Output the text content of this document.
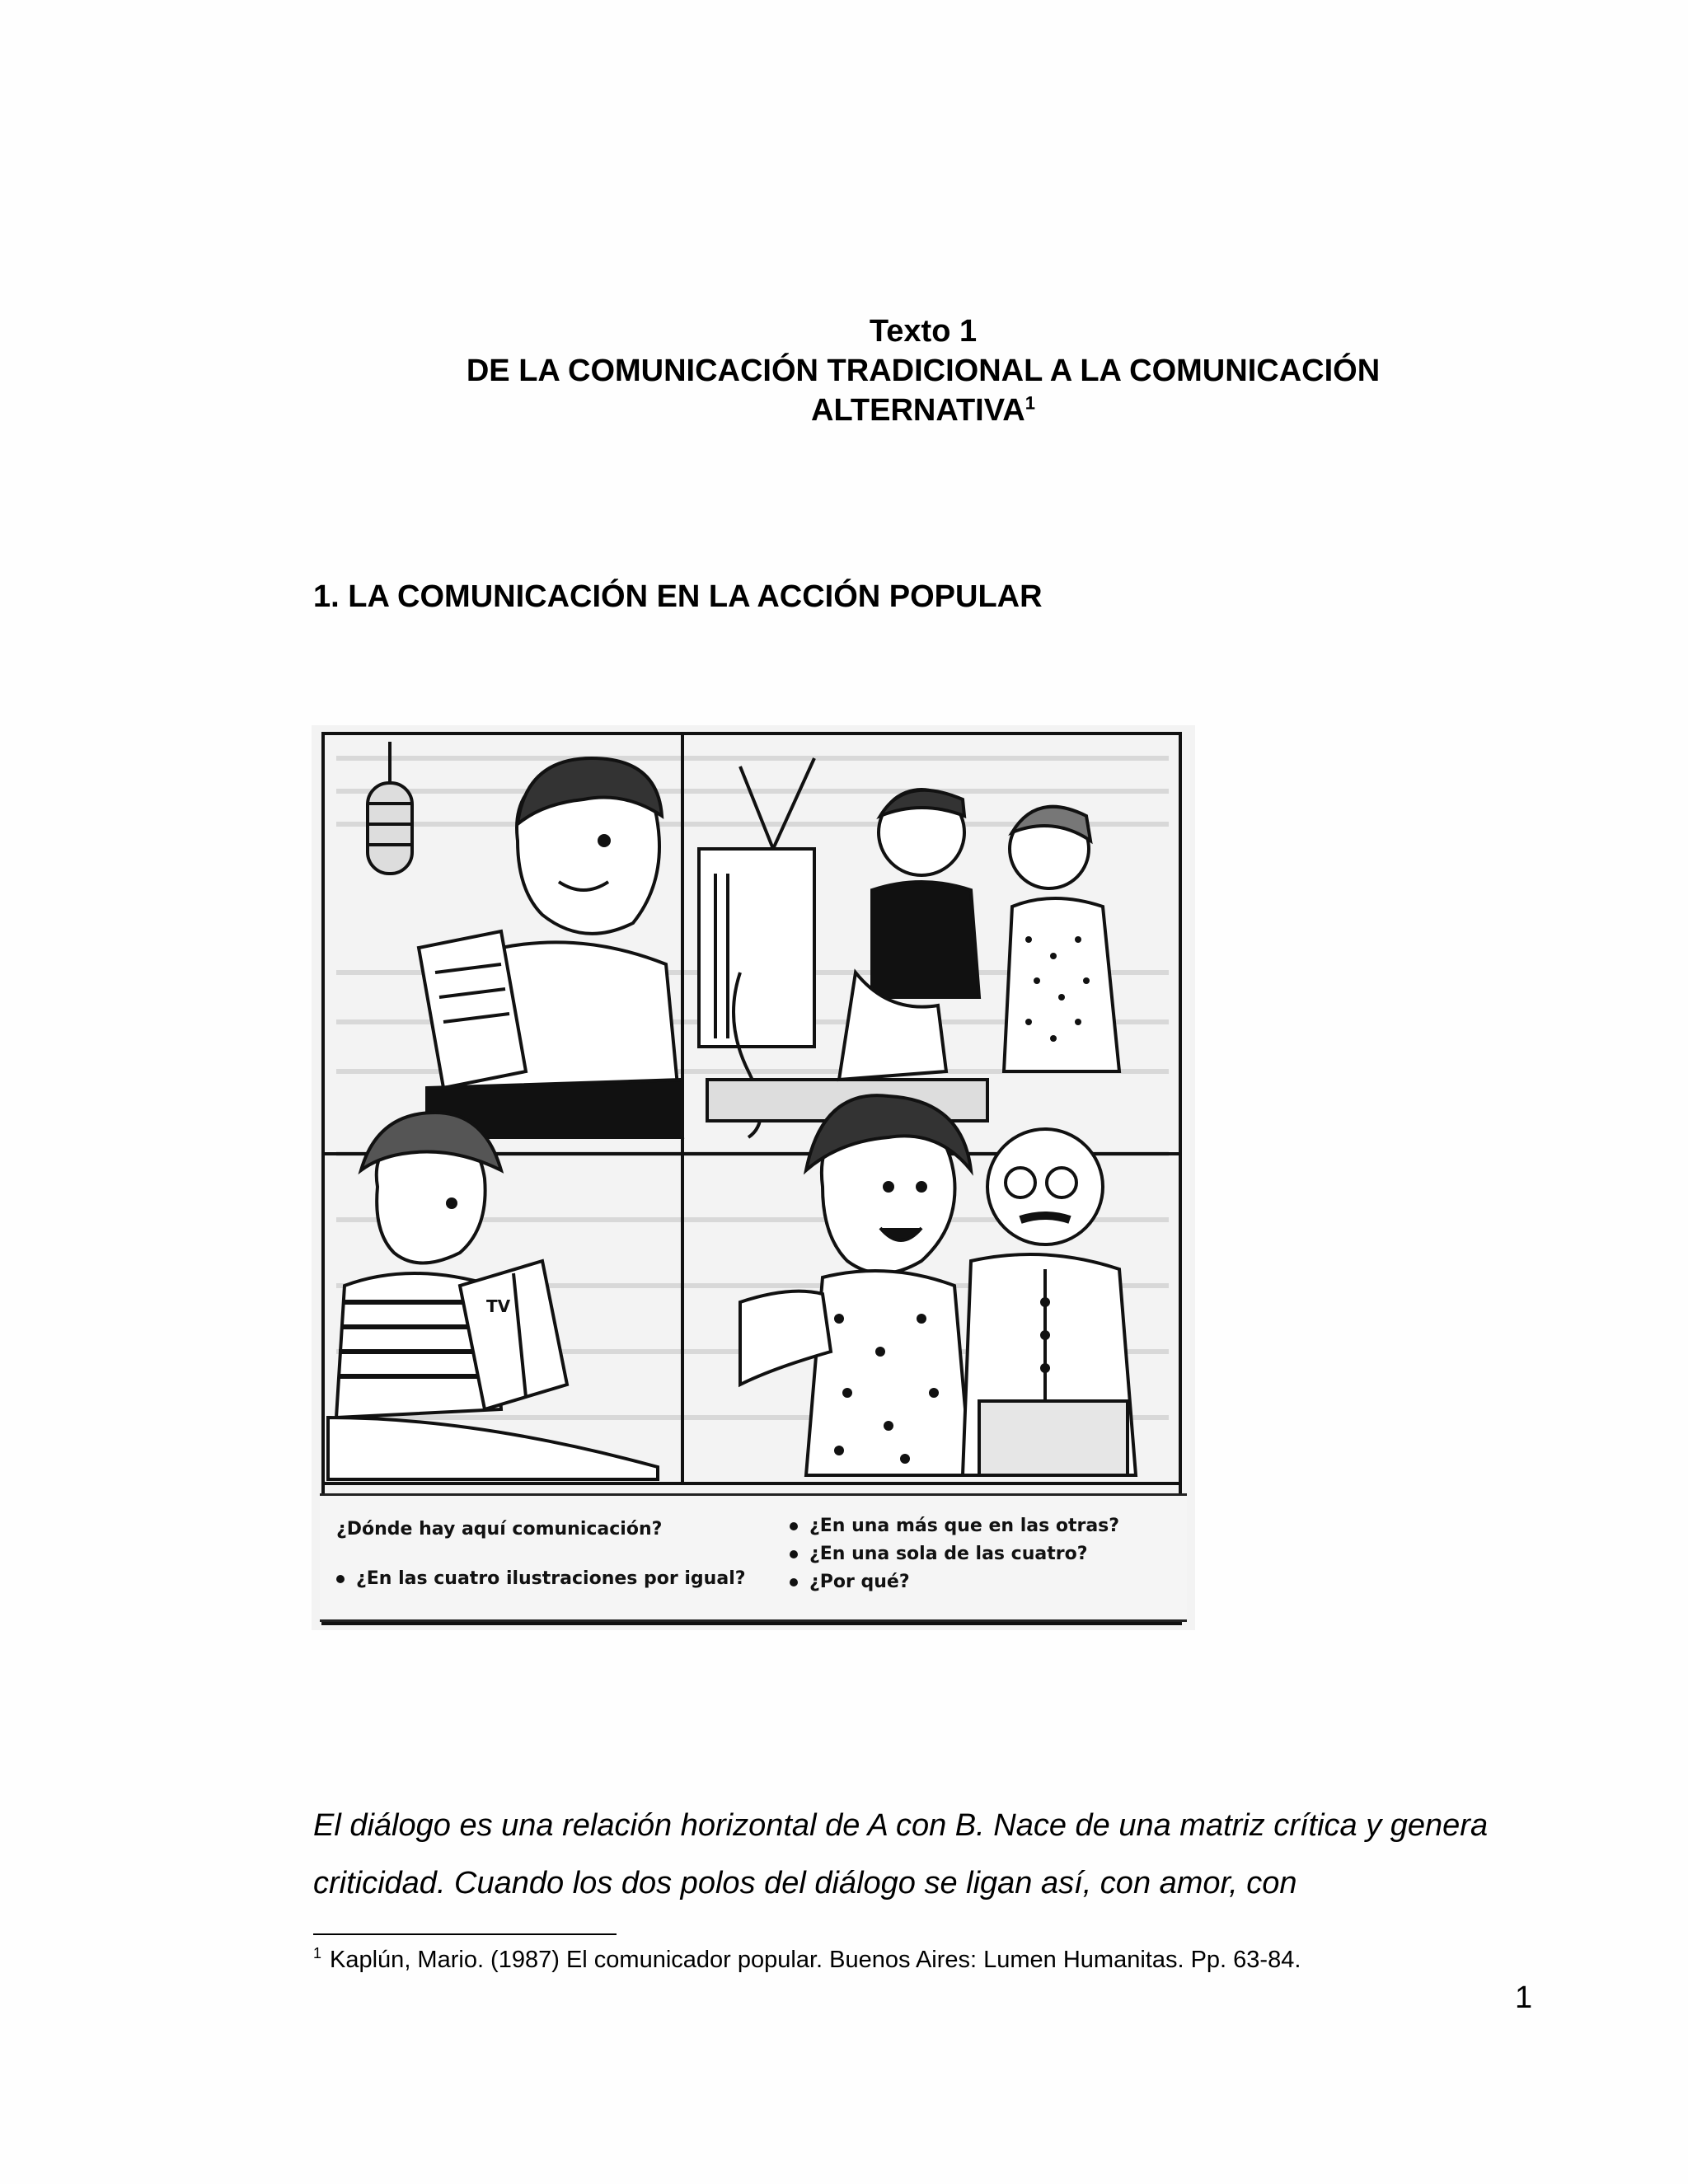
Texto 1
DE LA COMUNICACIÓN TRADICIONAL A LA COMUNICACIÓN
ALTERNATIVA$^1$
1. LA COMUNICACIÓN EN LA ACCIÓN POPULAR
TV
¿Dónde hay aquí comunicación?
¿En las cuatro ilustraciones por igual?
¿En una más que en las otras?
¿En una sola de las cuatro?
¿Por qué?
El diálogo es una relación horizontal de A con B. Nace de una matriz crítica y genera criticidad. Cuando los dos polos del diálogo se ligan así, con amor, con
$^1$ Kaplún, Mario. (1987) El comunicador popular. Buenos Aires: Lumen Humanitas. Pp. 63-84.
1
